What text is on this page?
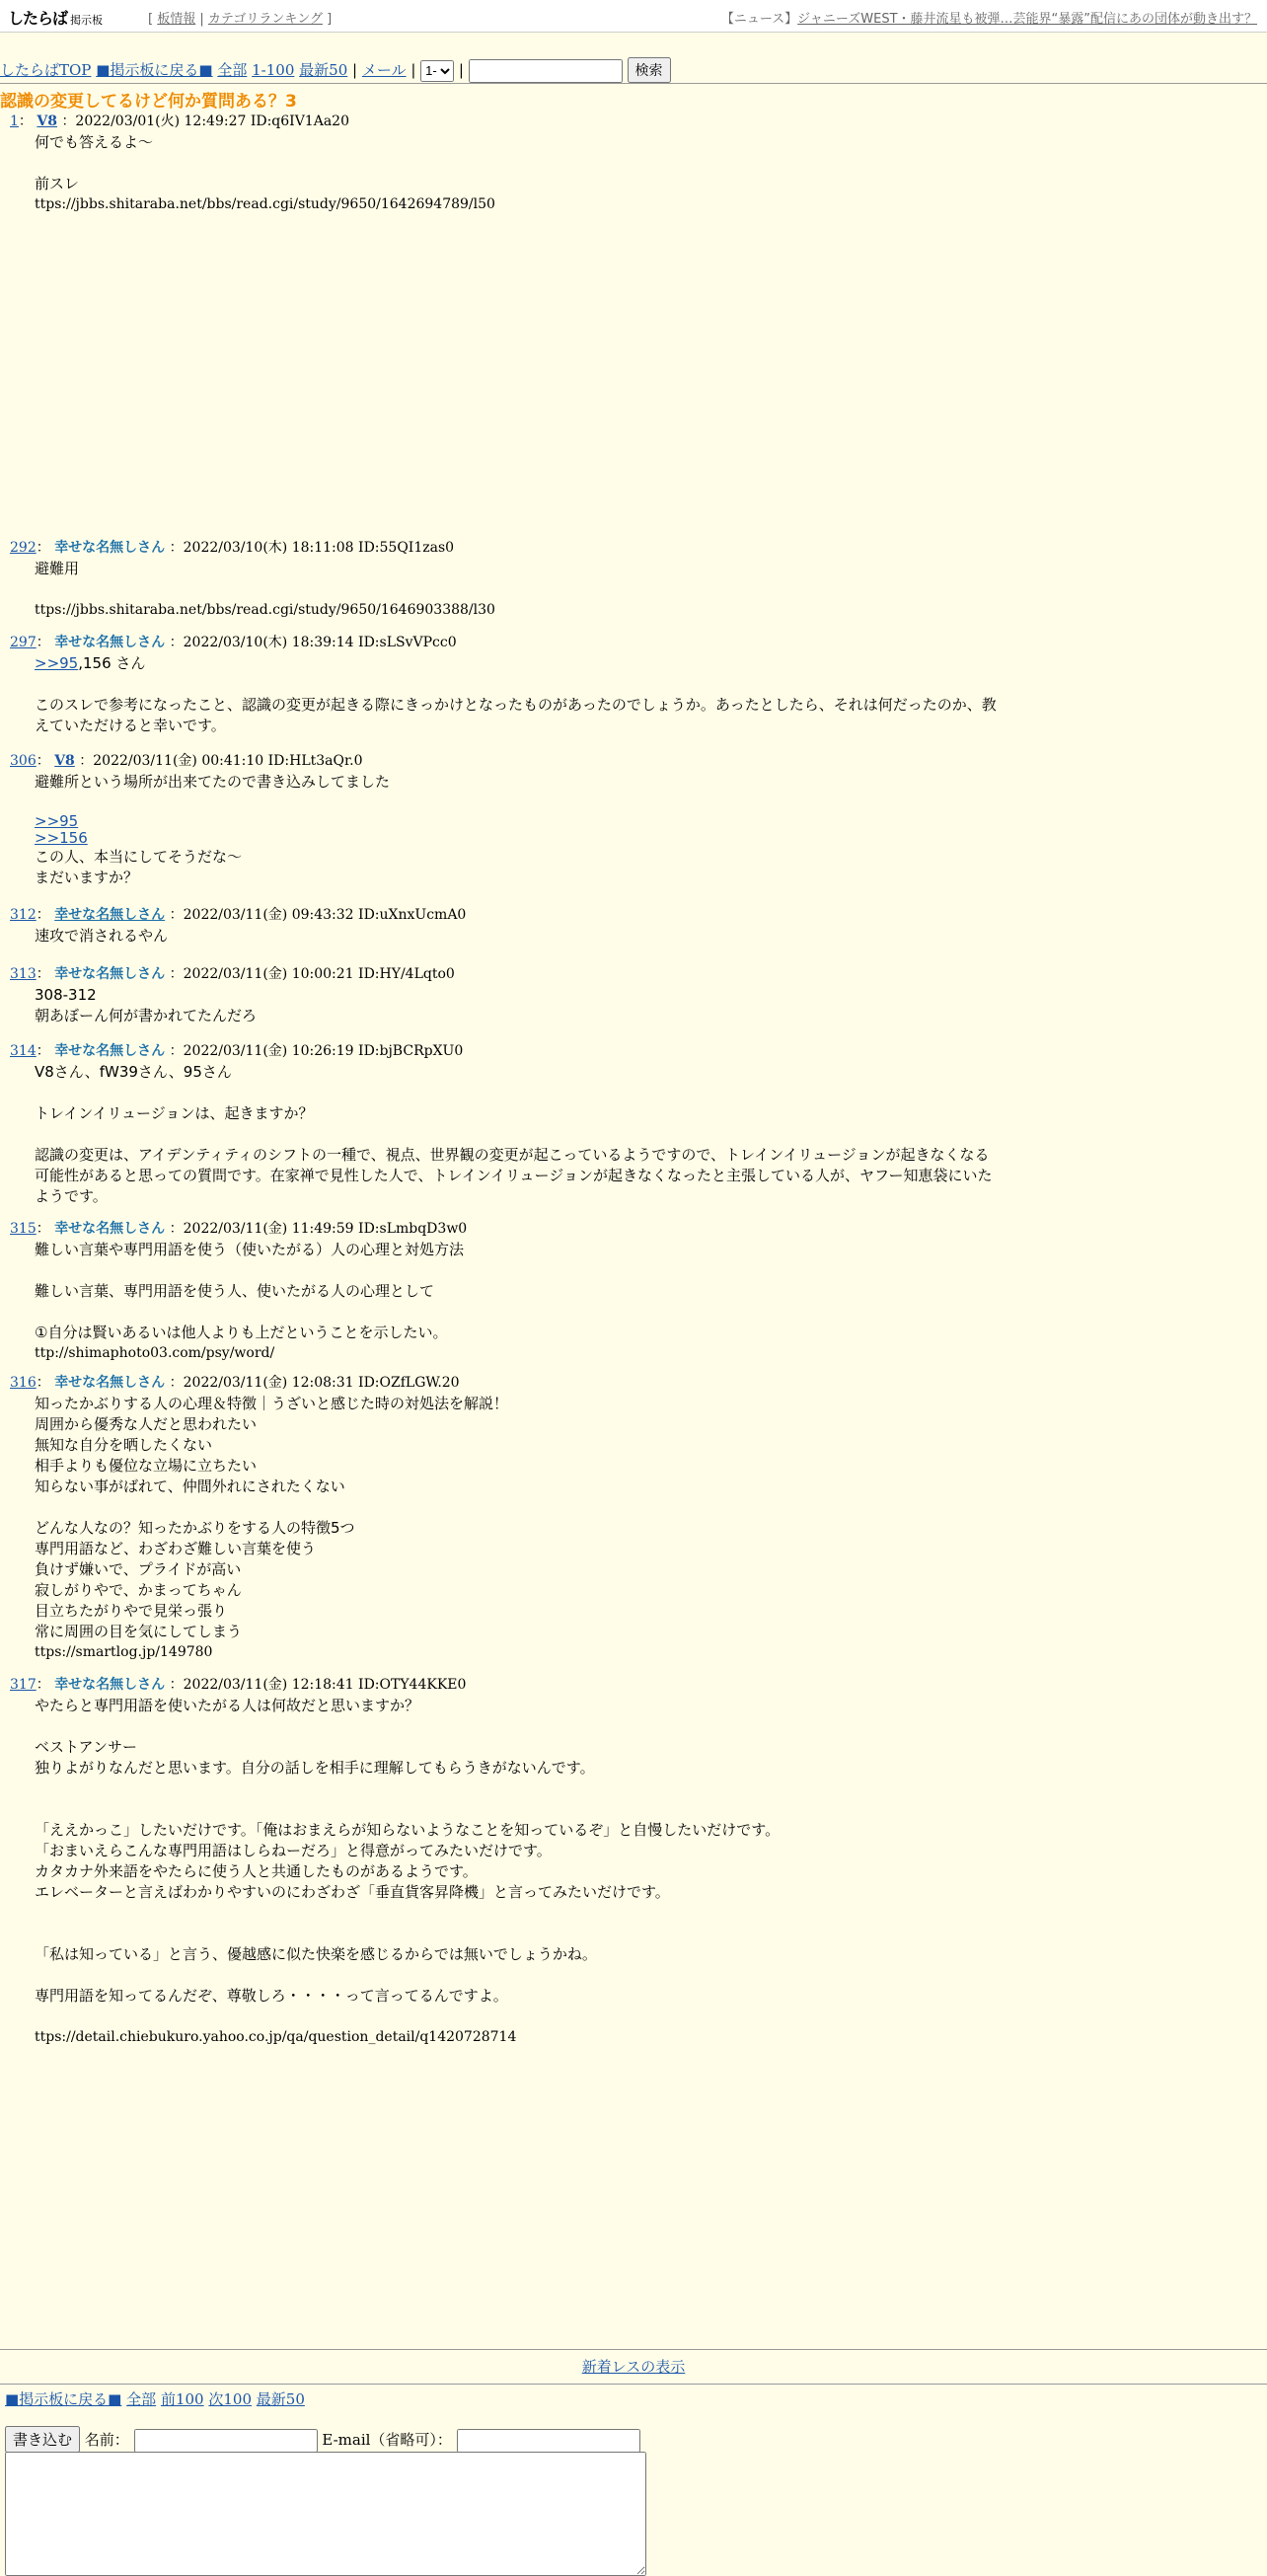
したらば 掲示板	[ 板情報 | カテゴリランキング ]	【ニュース】ジャニーズWEST・藤井流星も被弾…芸能界“暴露”配信にあの団体が動き出す？
したらばTOP ■掲示板に戻る■ 全部 1-100 最新50 | メール |
1- |	検索
認識の変更してるけど何か質問ある？3
1： V8 ：2022/03/01(火) 12:49:27 ID:q6IV1Aa20
何でも答えるよ～

前スレ
ttps://jbbs.shitaraba.net/bbs/read.cgi/study/9650/1642694789/l50
292： 幸せな名無しさん ：2022/03/10(木) 18:11:08 ID:55QI1zas0
避難用

ttps://jbbs.shitaraba.net/bbs/read.cgi/study/9650/1646903388/l30
297： 幸せな名無しさん ：2022/03/10(木) 18:39:14 ID:sLSvVPcc0
>>95,156 さん

このスレで参考になったこと、認識の変更が起きる際にきっかけとなったものがあったのでしょうか。あったとしたら、それは何だったのか、教
えていただけると幸いです。
306： V8 ：2022/03/11(金) 00:41:10 ID:HLt3aQr.0
避難所という場所が出来てたので書き込みしてました

>>95
>>156
この人、本当にしてそうだな～
まだいますか？
312： 幸せな名無しさん ：2022/03/11(金) 09:43:32 ID:uXnxUcmA0
速攻で消されるやん
313： 幸せな名無しさん ：2022/03/11(金) 10:00:21 ID:HY/4Lqto0
308-312
朝あぼーん何が書かれてたんだろ
314： 幸せな名無しさん ：2022/03/11(金) 10:26:19 ID:bjBCRpXU0
V8さん、fW39さん、95さん

トレインイリュージョンは、起きますか？

認識の変更は、アイデンティティのシフトの一種で、視点、世界観の変更が起こっているようですので、トレインイリュージョンが起きなくなる
可能性があると思っての質問です。在家禅で見性した人で、トレインイリュージョンが起きなくなったと主張している人が、ヤフー知恵袋にいた
ようです。
315： 幸せな名無しさん ：2022/03/11(金) 11:49:59 ID:sLmbqD3w0
難しい言葉や専門用語を使う（使いたがる）人の心理と対処方法

難しい言葉、専門用語を使う人、使いたがる人の心理として

①自分は賢いあるいは他人よりも上だということを示したい。
ttp://shimaphoto03.com/psy/word/
316： 幸せな名無しさん ：2022/03/11(金) 12:08:31 ID:OZfLGW.20
知ったかぶりする人の心理＆特徴｜うざいと感じた時の対処法を解説！
周囲から優秀な人だと思われたい
無知な自分を晒したくない
相手よりも優位な立場に立ちたい
知らない事がばれて、仲間外れにされたくない

どんな人なの？知ったかぶりをする人の特徴5つ
専門用語など、わざわざ難しい言葉を使う
負けず嫌いで、プライドが高い
寂しがりやで、かまってちゃん
目立ちたがりやで見栄っ張り
常に周囲の目を気にしてしまう
ttps://smartlog.jp/149780
317： 幸せな名無しさん ：2022/03/11(金) 12:18:41 ID:OTY44KKE0
やたらと専門用語を使いたがる人は何故だと思いますか？

ベストアンサー
独りよがりなんだと思います。自分の話しを相手に理解してもらうきがないんです。

「ええかっこ」したいだけです。「俺はおまえらが知らないようなことを知っているぞ」と自慢したいだけです。
「おまいえらこんな専門用語はしらねーだろ」と得意がってみたいだけです。
カタカナ外来語をやたらに使う人と共通したものがあるようです。
エレベーターと言えばわかりやすいのにわざわざ「垂直貨客昇降機」と言ってみたいだけです。

「私は知っている」と言う、優越感に似た快楽を感じるからでは無いでしょうかね。

専門用語を知ってるんだぞ、尊敬しろ・・・・って言ってるんですよ。

ttps://detail.chiebukuro.yahoo.co.jp/qa/question_detail/q1420728714
新着レスの表示
■掲示板に戻る■ 全部 前100 次100 最新50
書き込む 名前：	E-mail（省略可）：
